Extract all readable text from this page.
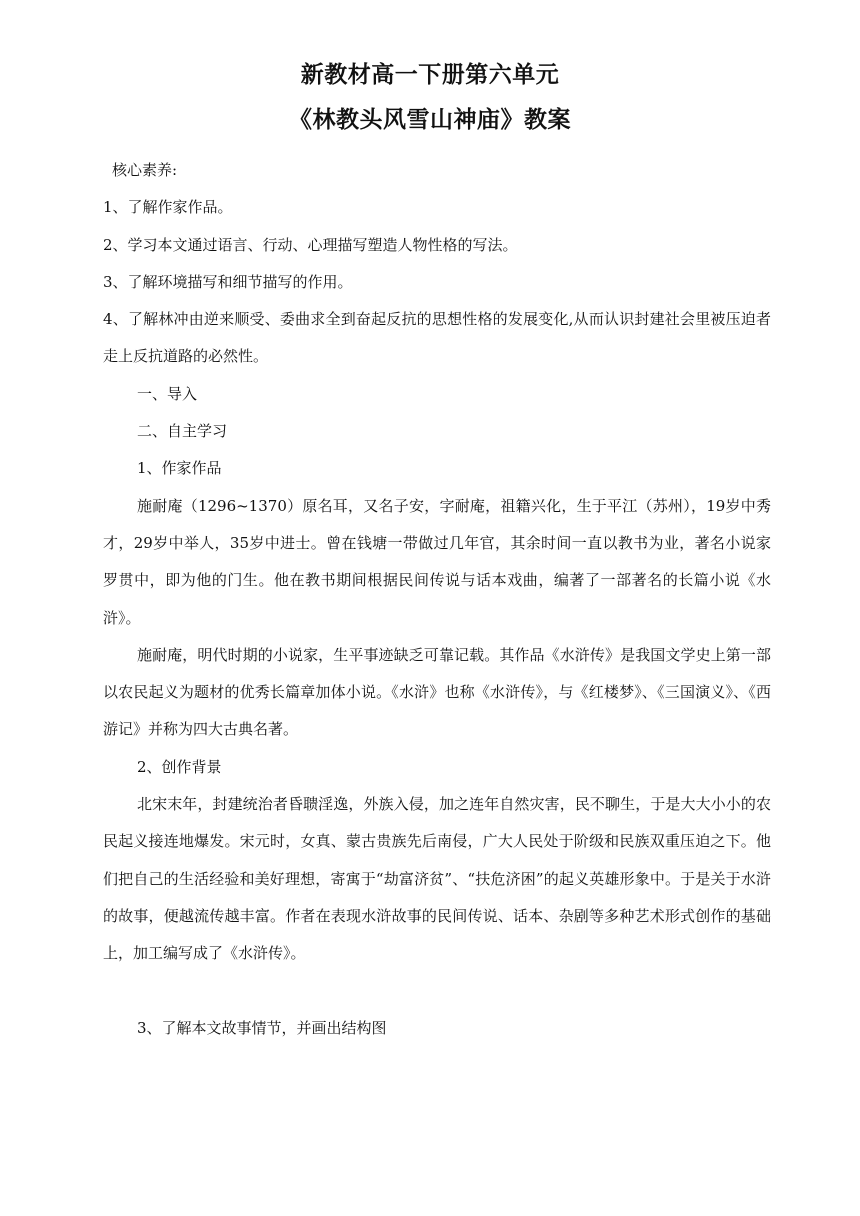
新教材高一下册第六单元
《林教头风雪山神庙》教案

核心素养:

1、了解作家作品。

2、学习本文通过语言、行动、心理描写塑造人物性格的写法。

3、了解环境描写和细节描写的作用。

4、了解林冲由逆来顺受、委曲求全到奋起反抗的思想性格的发展变化,从而认识封建社会里被压迫者走上反抗道路的必然性。

一、导入

二、自主学习

1、作家作品

施耐庵（1296~1370）原名耳，又名子安，字耐庵，祖籍兴化，生于平江（苏州），19岁中秀才，29岁中举人，35岁中进士。曾在钱塘一带做过几年官，其余时间一直以教书为业，著名小说家罗贯中，即为他的门生。他在教书期间根据民间传说与话本戏曲，编著了一部著名的长篇小说《水浒》。

施耐庵，明代时期的小说家，生平事迹缺乏可靠记载。其作品《水浒传》是我国文学史上第一部以农民起义为题材的优秀长篇章加体小说。《水浒》也称《水浒传》，与《红楼梦》、《三国演义》、《西游记》并称为四大古典名著。

2、创作背景

北宋末年，封建统治者昏聩淫逸，外族入侵，加之连年自然灾害，民不聊生，于是大大小小的农民起义接连地爆发。宋元时，女真、蒙古贵族先后南侵，广大人民处于阶级和民族双重压迫之下。他们把自己的生活经验和美好理想，寄寓于“劫富济贫”、“扶危济困”的起义英雄形象中。于是关于水浒的故事，便越流传越丰富。作者在表现水浒故事的民间传说、话本、杂剧等多种艺术形式创作的基础上，加工编写成了《水浒传》。

3、了解本文故事情节，并画出结构图
